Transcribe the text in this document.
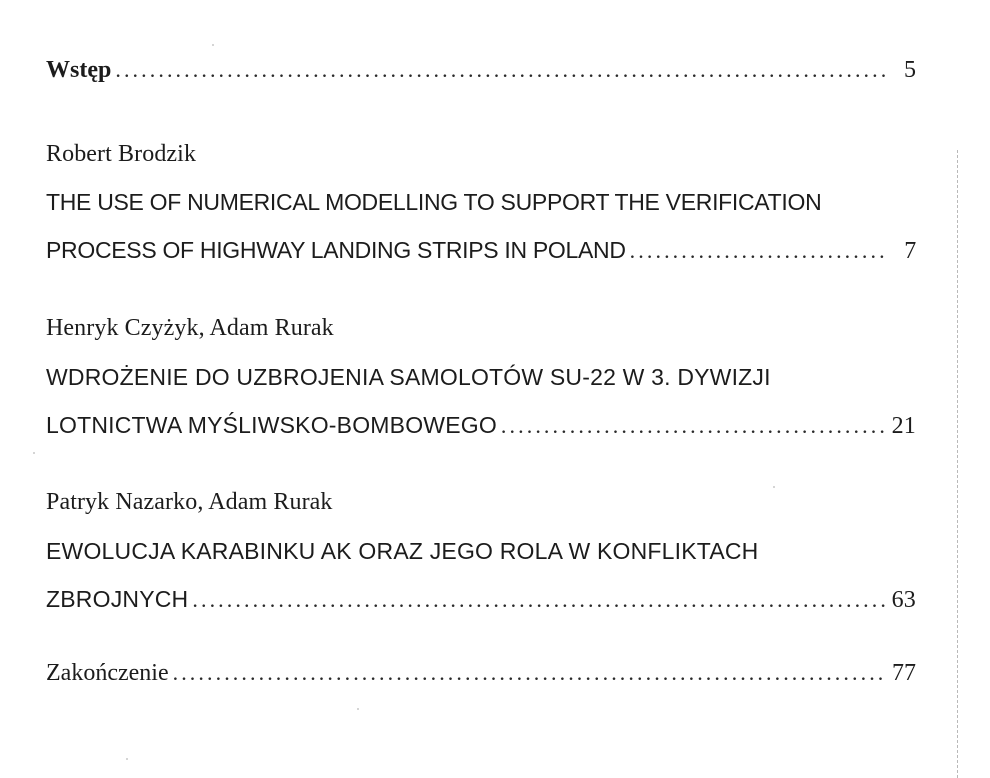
Wstęp . . .	5
Robert Brodzik
THE USE OF NUMERICAL MODELLING TO SUPPORT THE VERIFICATION
PROCESS OF HIGHWAY LANDING STRIPS IN POLAND . . .	7
Henryk Czyżyk, Adam Rurak
WDROŻENIE DO UZBROJENIA SAMOLOTÓW SU-22 W 3. DYWIZJI
LOTNICTWA MYŚLIWSKO-BOMBOWEGO . . .	21
Patryk Nazarko, Adam Rurak
EWOLUCJA KARABINKU AK ORAZ JEGO ROLA W KONFLIKTACH
ZBROJNYCH . . .	63
Zakończenie . . .	77
